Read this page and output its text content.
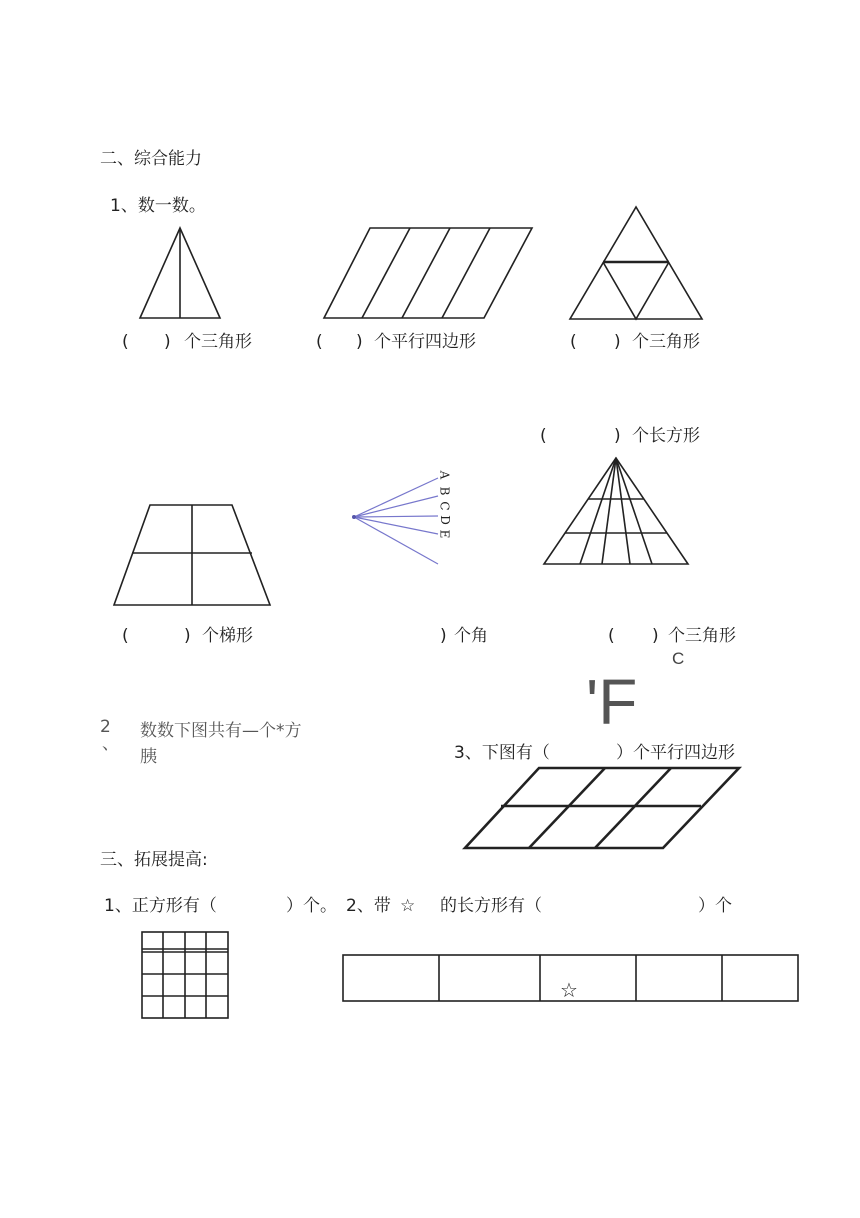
二、综合能力
1、数一数。
( ) 个三角形	( ) 个平行四边形	( ) 个三角形
(	) 个长方形
A
B
C
D
E
(	) 个梯形	) 个角	( ) 个三角形
C
'F
2
、
数数下图共有—个*方
胰	3、下图有（	）个平行四边形
三、拓展提高:
1、正方形有（	）个。 2、带 ☆ 的长方形有（	）个
☆
